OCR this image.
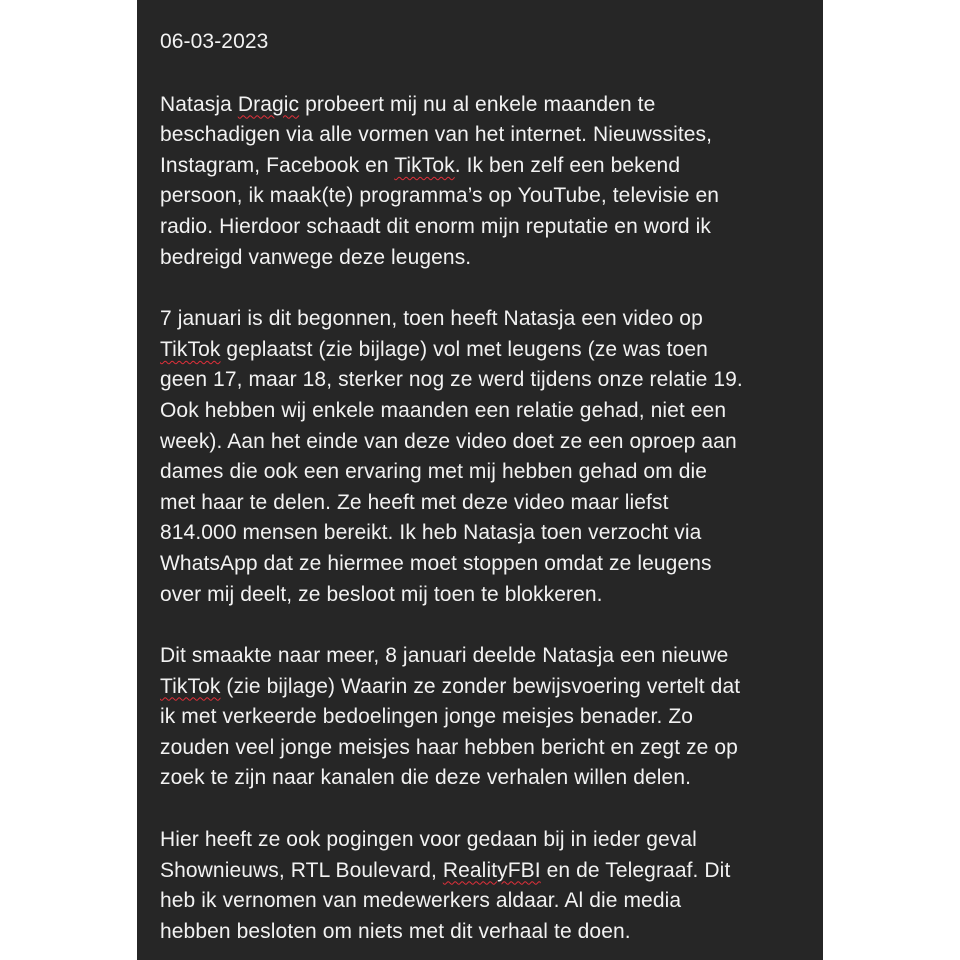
06-03-2023
Natasja Dragic probeert mij nu al enkele maanden te
beschadigen via alle vormen van het internet. Nieuwssites,
Instagram, Facebook en TikTok. Ik ben zelf een bekend
persoon, ik maak(te) programma’s op YouTube, televisie en
radio. Hierdoor schaadt dit enorm mijn reputatie en word ik
bedreigd vanwege deze leugens.
7 januari is dit begonnen, toen heeft Natasja een video op
TikTok geplaatst (zie bijlage) vol met leugens (ze was toen
geen 17, maar 18, sterker nog ze werd tijdens onze relatie 19.
Ook hebben wij enkele maanden een relatie gehad, niet een
week). Aan het einde van deze video doet ze een oproep aan
dames die ook een ervaring met mij hebben gehad om die
met haar te delen. Ze heeft met deze video maar liefst
814.000 mensen bereikt. Ik heb Natasja toen verzocht via
WhatsApp dat ze hiermee moet stoppen omdat ze leugens
over mij deelt, ze besloot mij toen te blokkeren.
Dit smaakte naar meer, 8 januari deelde Natasja een nieuwe
TikTok (zie bijlage) Waarin ze zonder bewijsvoering vertelt dat
ik met verkeerde bedoelingen jonge meisjes benader. Zo
zouden veel jonge meisjes haar hebben bericht en zegt ze op
zoek te zijn naar kanalen die deze verhalen willen delen.
Hier heeft ze ook pogingen voor gedaan bij in ieder geval
Shownieuws, RTL Boulevard, RealityFBI en de Telegraaf. Dit
heb ik vernomen van medewerkers aldaar. Al die media
hebben besloten om niets met dit verhaal te doen.
